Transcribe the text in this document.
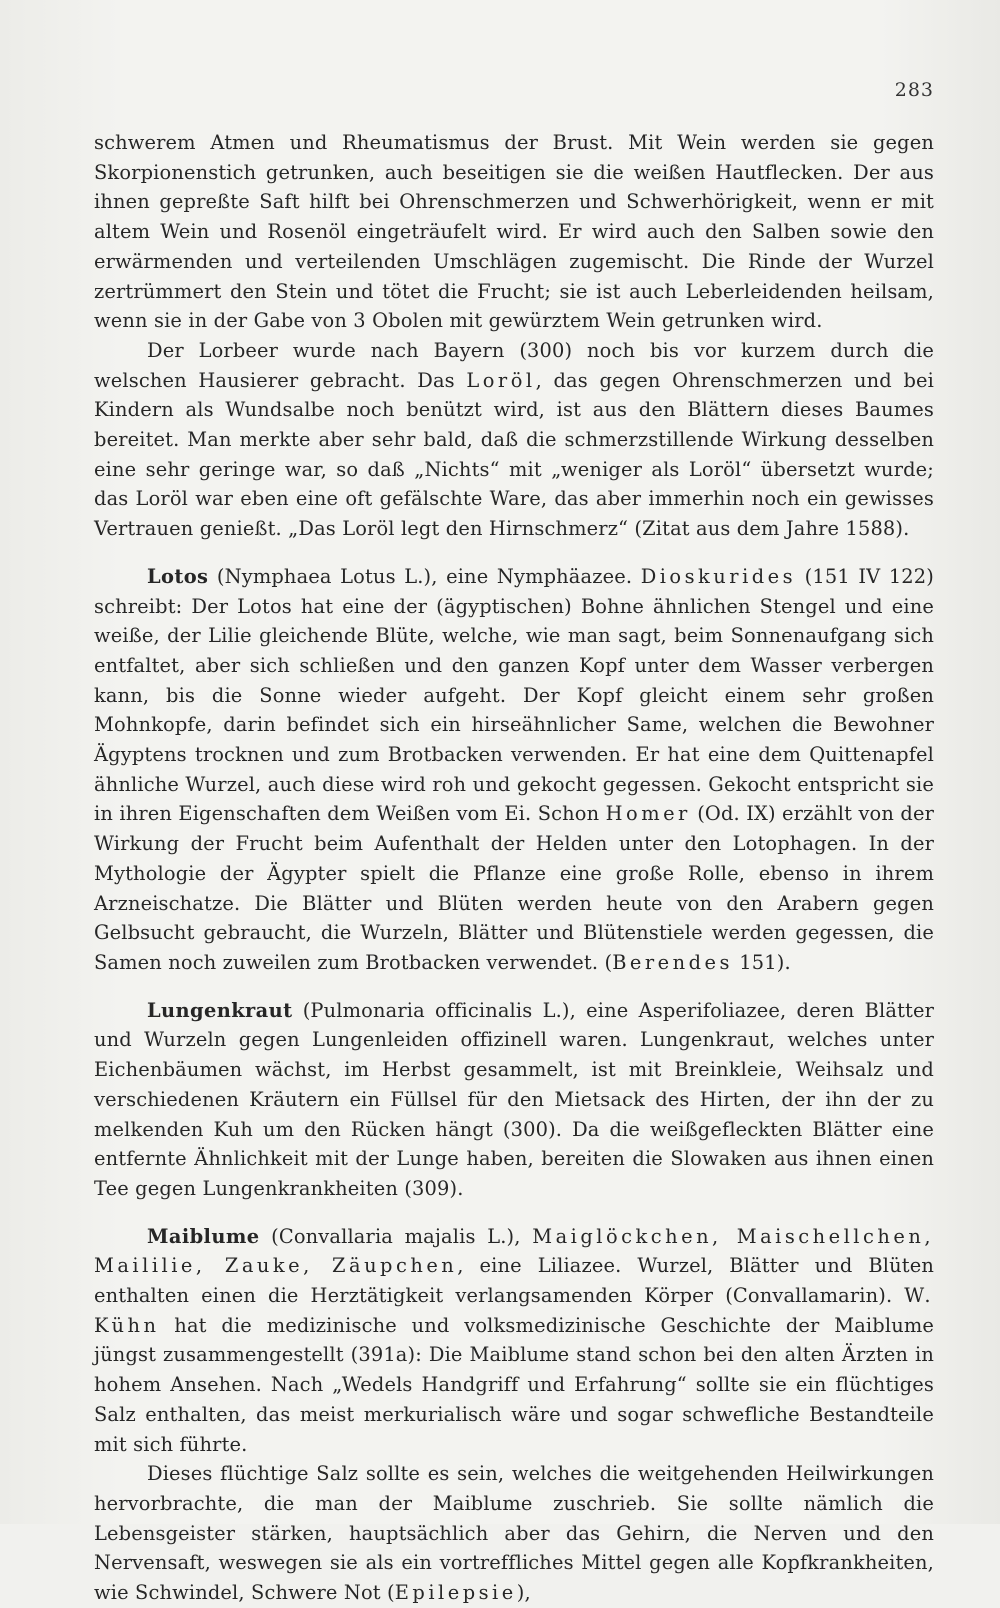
283

schwerem Atmen und Rheumatismus der Brust. Mit Wein werden sie gegen Skorpionenstich getrunken, auch beseitigen sie die weißen Hautflecken. Der aus ihnen gepreßte Saft hilft bei Ohrenschmerzen und Schwerhörigkeit, wenn er mit altem Wein und Rosenöl eingeträufelt wird. Er wird auch den Salben sowie den erwärmenden und verteilenden Umschlägen zugemischt. Die Rinde der Wurzel zertrümmert den Stein und tötet die Frucht; sie ist auch Leberleidenden heilsam, wenn sie in der Gabe von 3 Obolen mit gewürztem Wein getrunken wird.

Der Lorbeer wurde nach Bayern (300) noch bis vor kurzem durch die welschen Hausierer gebracht. Das Loröl, das gegen Ohrenschmerzen und bei Kindern als Wundsalbe noch benützt wird, ist aus den Blättern dieses Baumes bereitet. Man merkte aber sehr bald, daß die schmerzstillende Wirkung desselben eine sehr geringe war, so daß „Nichts“ mit „weniger als Loröl“ übersetzt wurde; das Loröl war eben eine oft gefälschte Ware, das aber immerhin noch ein gewisses Vertrauen genießt. „Das Loröl legt den Hirnschmerz“ (Zitat aus dem Jahre 1588).

Lotos (Nymphaea Lotus L.), eine Nymphäazee. Dioskurides (151 IV 122) schreibt: Der Lotos hat eine der (ägyptischen) Bohne ähnlichen Stengel und eine weiße, der Lilie gleichende Blüte, welche, wie man sagt, beim Sonnenaufgang sich entfaltet, aber sich schließen und den ganzen Kopf unter dem Wasser verbergen kann, bis die Sonne wieder aufgeht. Der Kopf gleicht einem sehr großen Mohnkopfe, darin befindet sich ein hirseähnlicher Same, welchen die Bewohner Ägyptens trocknen und zum Brotbacken verwenden. Er hat eine dem Quittenapfel ähnliche Wurzel, auch diese wird roh und gekocht gegessen. Gekocht entspricht sie in ihren Eigenschaften dem Weißen vom Ei. Schon Homer (Od. IX) erzählt von der Wirkung der Frucht beim Aufenthalt der Helden unter den Lotophagen. In der Mythologie der Ägypter spielt die Pflanze eine große Rolle, ebenso in ihrem Arzneischatze. Die Blätter und Blüten werden heute von den Arabern gegen Gelbsucht gebraucht, die Wurzeln, Blätter und Blütenstiele werden gegessen, die Samen noch zuweilen zum Brotbacken verwendet. (Berendes 151).

Lungenkraut (Pulmonaria officinalis L.), eine Asperifoliazee, deren Blätter und Wurzeln gegen Lungenleiden offizinell waren. Lungenkraut, welches unter Eichenbäumen wächst, im Herbst gesammelt, ist mit Breinkleie, Weihsalz und verschiedenen Kräutern ein Füllsel für den Mietsack des Hirten, der ihn der zu melkenden Kuh um den Rücken hängt (300). Da die weißgefleckten Blätter eine entfernte Ähnlichkeit mit der Lunge haben, bereiten die Slowaken aus ihnen einen Tee gegen Lungenkrankheiten (309).

Maiblume (Convallaria majalis L.), Maiglöckchen, Maischellchen, Maililie, Zauke, Zäupchen, eine Liliazee. Wurzel, Blätter und Blüten enthalten einen die Herztätigkeit verlangsamenden Körper (Convallamarin). W. Kühn hat die medizinische und volksmedizinische Geschichte der Maiblume jüngst zusammengestellt (391a): Die Maiblume stand schon bei den alten Ärzten in hohem Ansehen. Nach „Wedels Handgriff und Erfahrung“ sollte sie ein flüchtiges Salz enthalten, das meist merkurialisch wäre und sogar schwefliche Bestandteile mit sich führte.

Dieses flüchtige Salz sollte es sein, welches die weitgehenden Heilwirkungen hervorbrachte, die man der Maiblume zuschrieb. Sie sollte nämlich die Lebensgeister stärken, hauptsächlich aber das Gehirn, die Nerven und den Nervensaft, weswegen sie als ein vortreffliches Mittel gegen alle Kopfkrankheiten, wie Schwindel, Schwere Not (Epilepsie),
